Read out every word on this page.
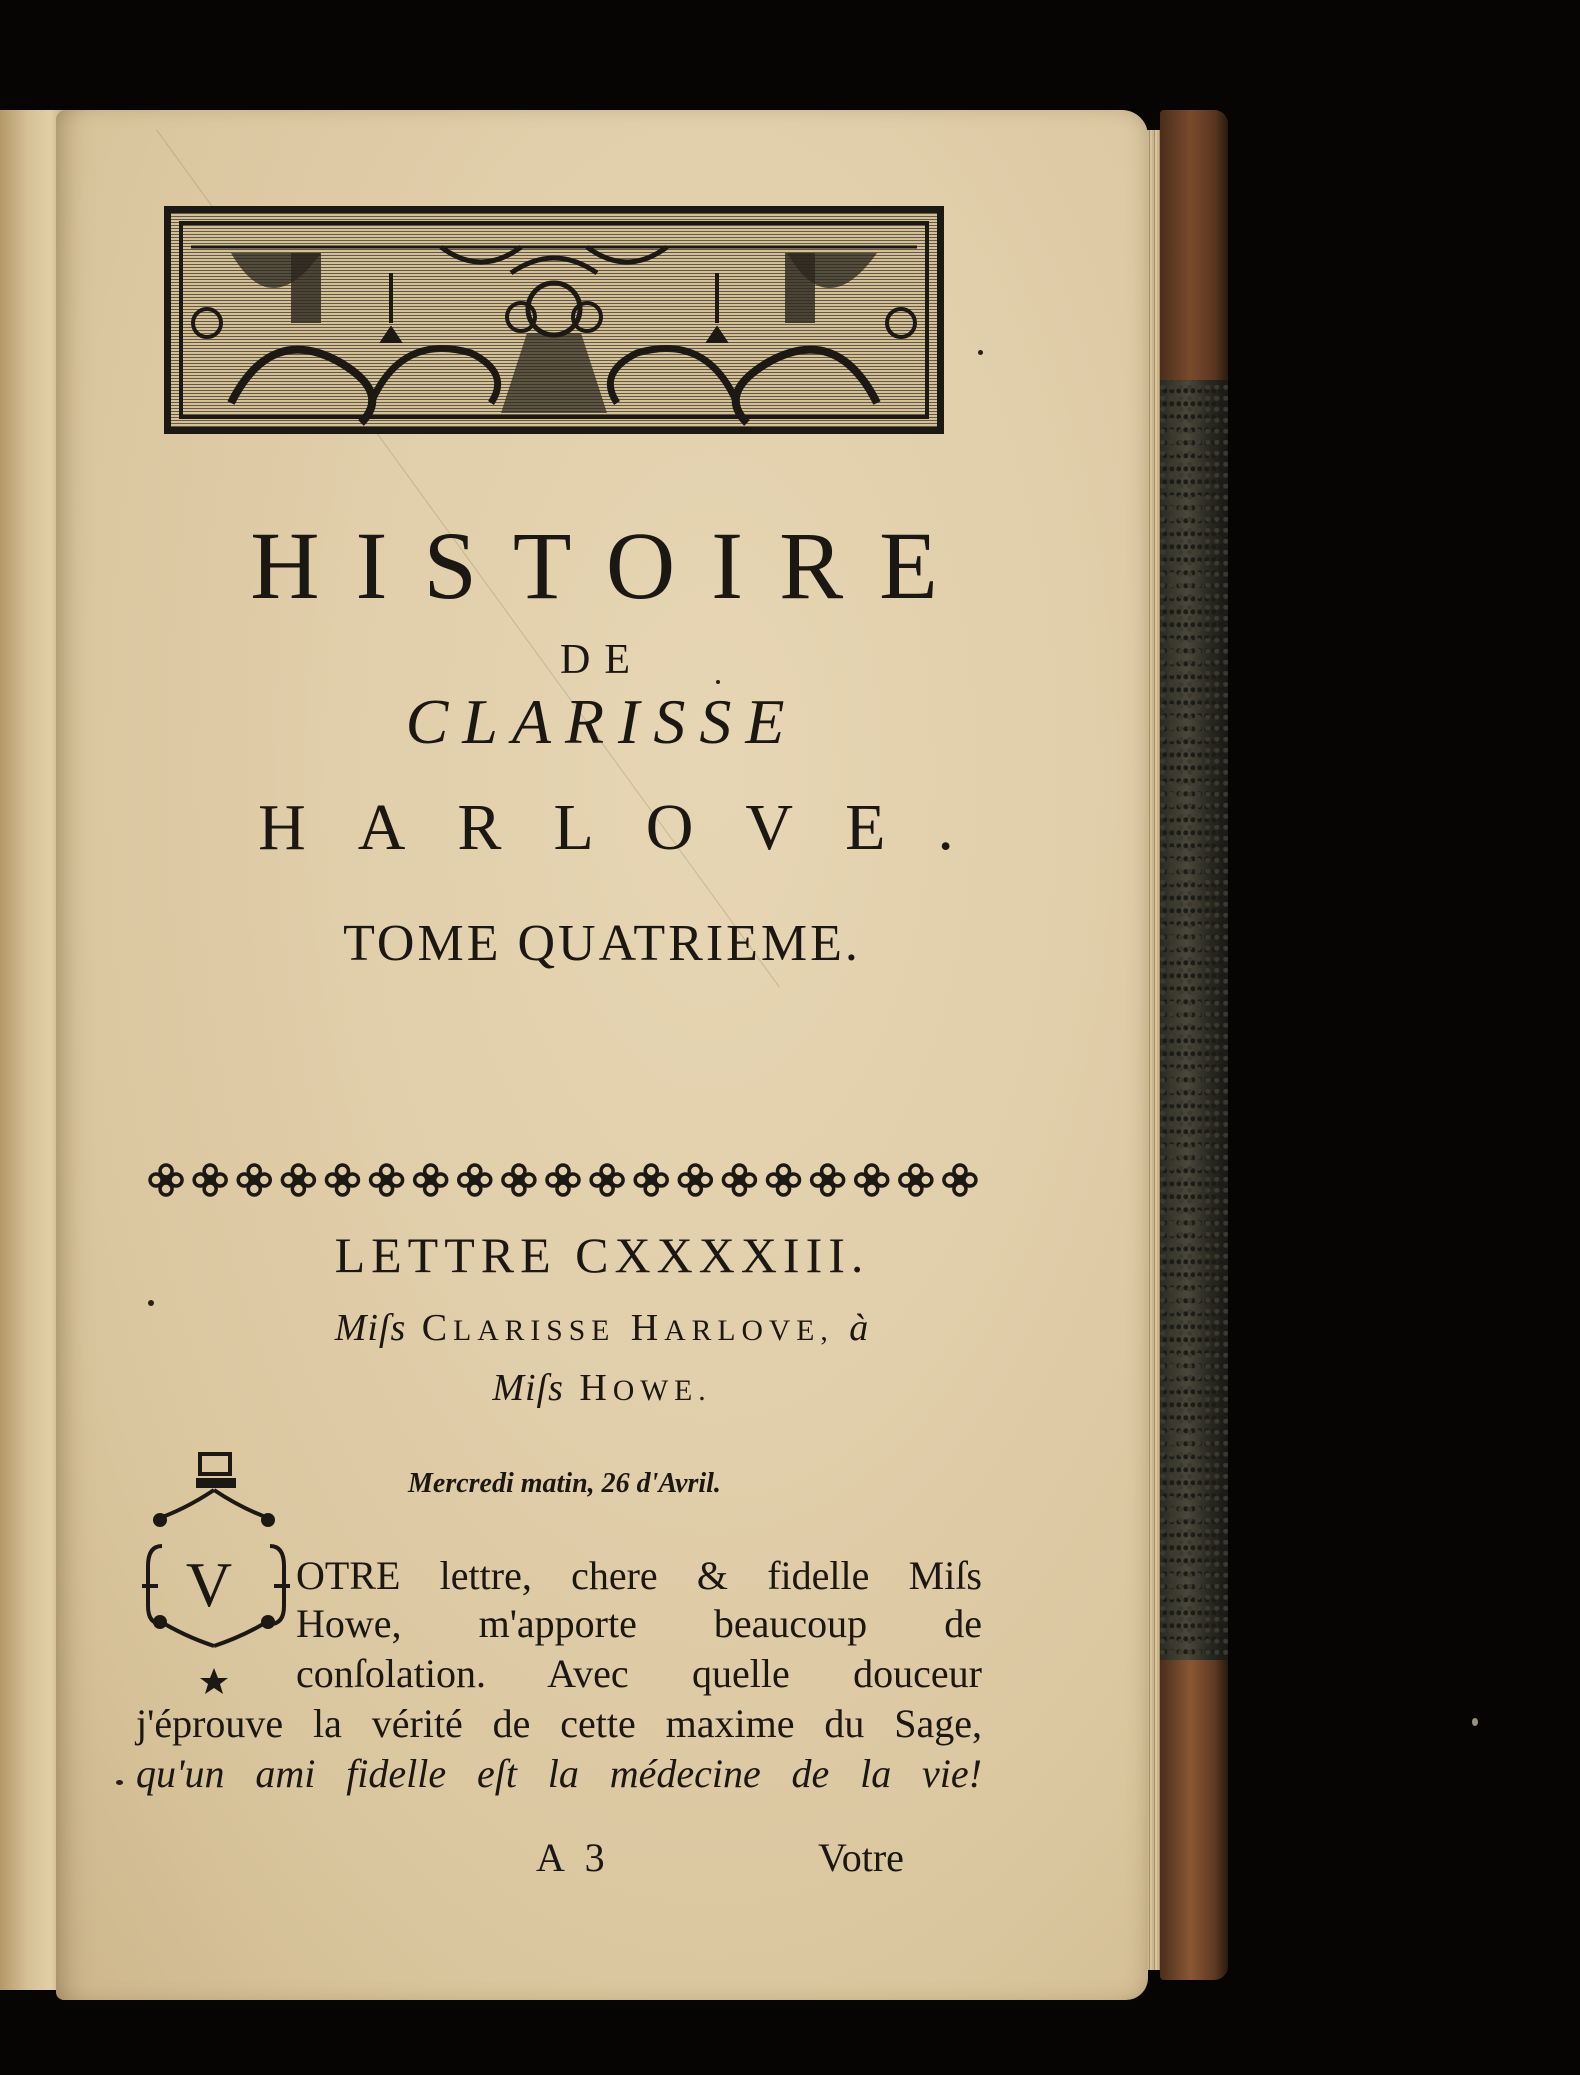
HISTOIRE
DE
CLARISSE
HARLOVE.
TOME QUATRIEME.
LETTRE CXXXXIII.
Miſs CLARISSE HARLOVE, à
Miſs HOWE.
Mercredi matin, 26 d'Avril.
V	OTRE lettre, chere & fidelle Miſs
Howe, m'apporte beaucoup de
conſolation. Avec quelle douceur
j'éprouve la vérité de cette maxime du Sage,
qu'un ami fidelle eſt la médecine de la vie!
A 3	Votre
